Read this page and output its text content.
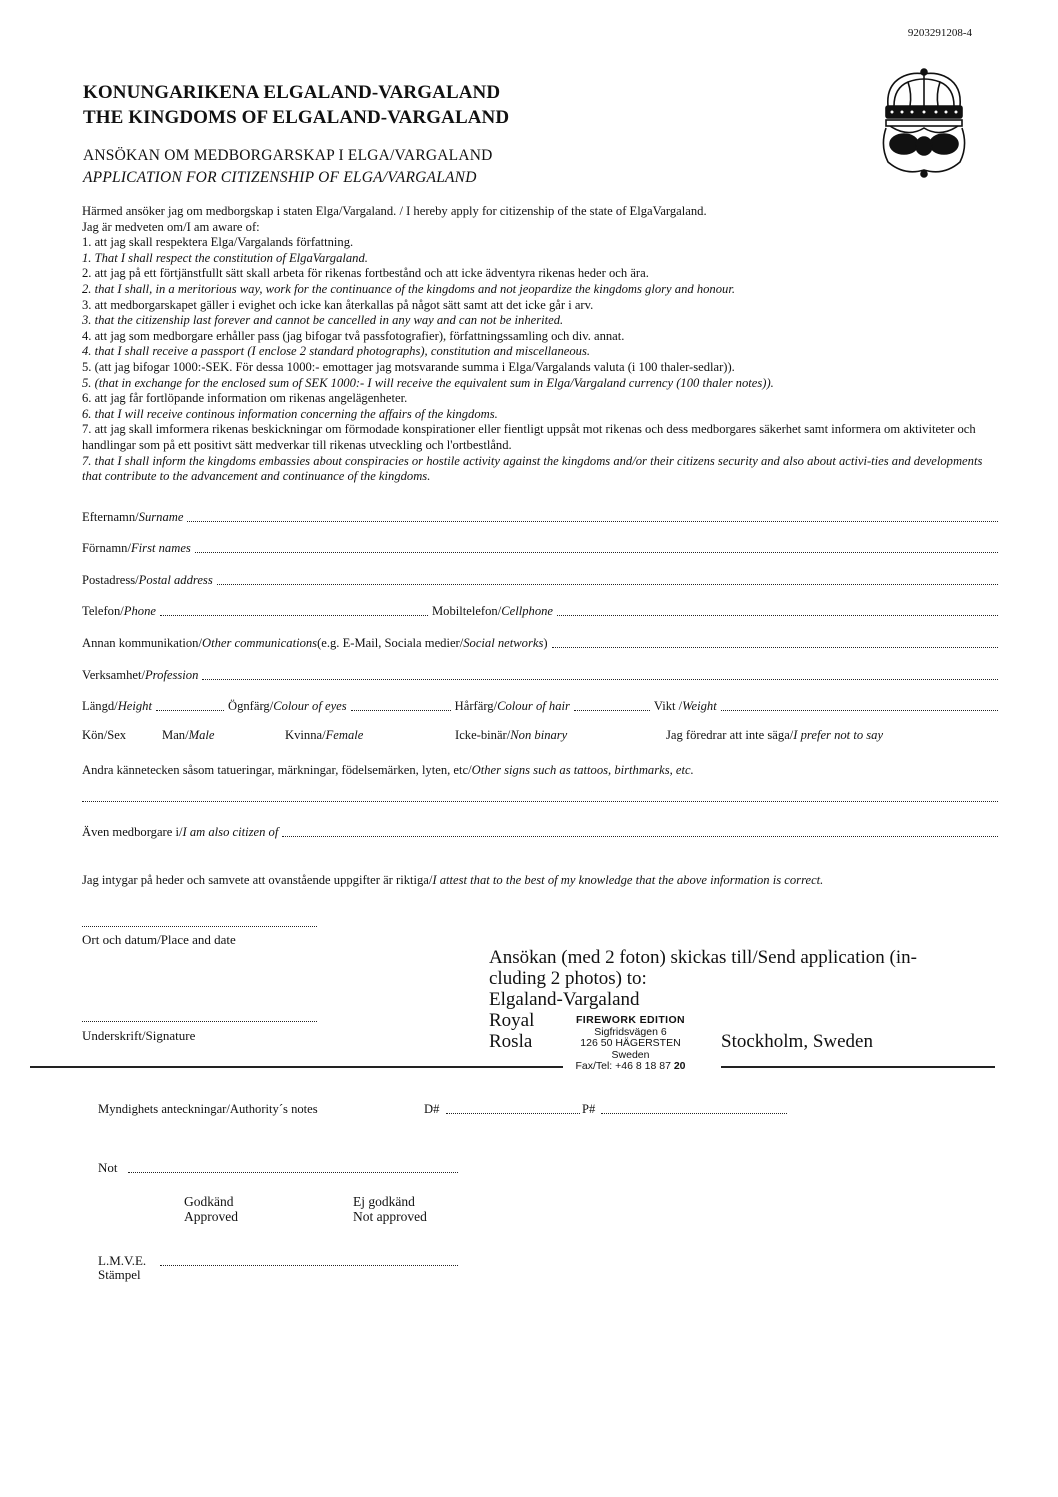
9203291208-4
KONUNGARIKENA ELGALAND-VARGALAND
THE KINGDOMS OF ELGALAND-VARGALAND
ANSÖKAN OM MEDBORGARSKAP I ELGA/VARGALAND
APPLICATION FOR CITIZENSHIP OF ELGA/VARGALAND
Härmed ansöker jag om medborgskap i staten Elga/Vargaland. / I hereby apply for citizenship of the state of ElgaVargaland.
Jag är medveten om/I am aware of:
1. att jag skall respektera Elga/Vargalands författning.
1. That I shall respect the constitution of ElgaVargaland.
2. att jag på ett förtjänstfullt sätt skall arbeta för rikenas fortbestånd och att icke ädventyra rikenas heder och ära.
2. that I shall, in a meritorious way, work for the continuance of the kingdoms and not jeopardize the kingdoms glory and honour.
3. att medborgarskapet gäller i evighet och icke kan återkallas på något sätt samt att det icke går i arv.
3. that the citizenship last forever and cannot be cancelled in any way and can not be inherited.
4. att jag som medborgare erhåller pass (jag bifogar två passfotografier), författningssamling och div. annat.
4. that I shall receive a passport (I enclose 2 standard photographs), constitution and miscellaneous.
5. (att jag bifogar 1000:-SEK. För dessa 1000:- emottager jag motsvarande summa i Elga/Vargalands valuta (i 100 thaler-sedlar)).
5. (that in exchange for the enclosed sum of SEK 1000:- I will receive the equivalent sum in Elga/Vargaland currency (100 thaler notes)).
6. att jag får fortlöpande information om rikenas angelägenheter.
6. that I will receive continous information concerning the affairs of the kingdoms.
7. att jag skall imformera rikenas beskickningar om förmodade konspirationer eller fientligt uppsåt mot rikenas och dess medborgares säkerhet samt informera om aktiviteter och handlingar som på ett positivt sätt medverkar till rikenas utveckling och l'ortbestlånd.
7. that I shall inform the kingdoms embassies about conspiracies or hostile activity against the kingdoms and/or their citizens security and also about activi-ties and developments that contribute to the advancement and continuance of the kingdoms.
Efternamn/ Surname
Förnamn/ First names
Postadress/ Postal address
Telefon/ Phone	Mobiltelefon/ Cellphone
Annan kommunikation/ Other communications (e.g. E-Mail, Sociala medier/ Social networks )
Verksamhet/ Profession
Längd/ Height	Ögnfärg/ Colour of eyes	Hårfärg/ Colour of hair	Vikt / Weight
Kön/Sex	Man/Male	Kvinna/Female	Icke-binär/Non binary	Jag föredrar att inte säga/I prefer not to say
Andra kännetecken såsom tatueringar, märkningar, födelsemärken, lyten, etc/ Other signs such as tattoos, birthmarks, etc.
Även medborgare i/ I am also citizen of
Jag intygar på heder och samvete att ovanstående uppgifter är riktiga/ I attest that to the best of my knowledge that the above information is correct.
Ort och datum/Place and date
Underskrift/Signature
Ansökan (med 2 foton) skickas till/Send application (in-
cluding 2 photos) to:
Elgaland-Vargaland
Royal
Rosla
FIREWORK EDITION
Sigfridsvägen 6
126 50 HÄGERSTEN
Sweden
Fax/Tel: +46 8 18 87 20
Stockholm, Sweden
Myndighets anteckningar/Authority´s notes	D#	P#
Not
Godkänd
Approved
Ej godkänd
Not approved
L.M.V.E.
Stämpel
